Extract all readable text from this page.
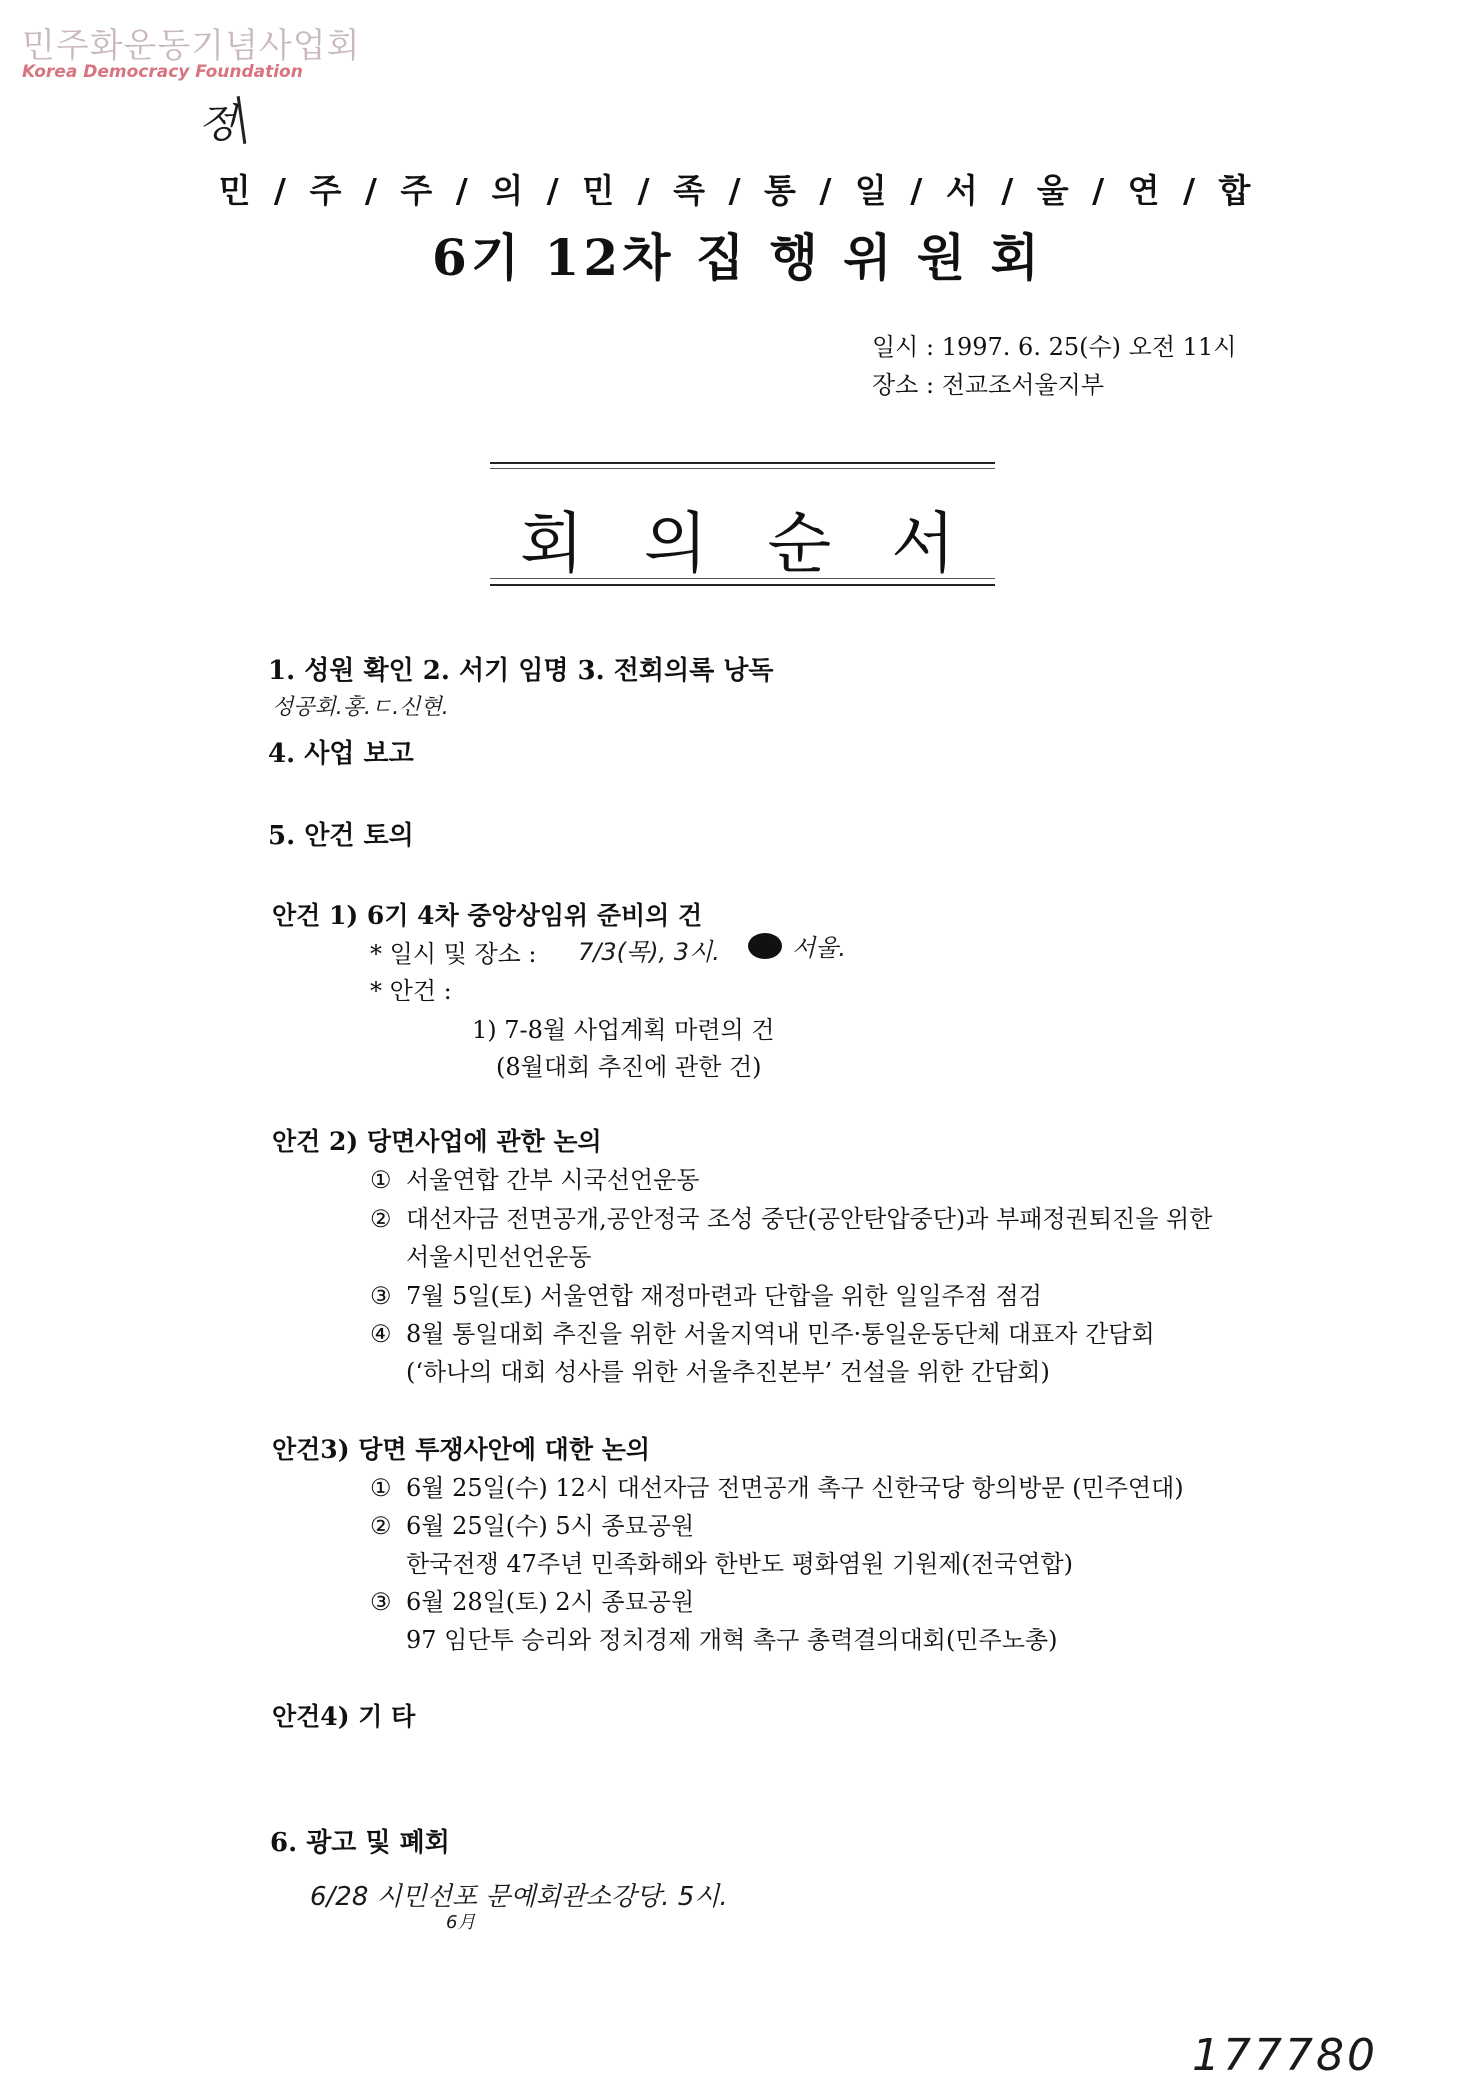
민주화운동기념사업회
Korea Democracy Foundation
정
민 / 주 / 주 / 의 / 민 / 족 / 통 / 일 / 서 / 울 / 연 / 합
6기 12차 집 행 위 원 회
일시 : 1997. 6. 25(수) 오전 11시
장소 : 전교조서울지부
회의순서
1. 성원 확인 2. 서기 임명 3. 전회의록 낭독
성공회.홍.ㄷ.신현.
4. 사업 보고
5. 안건 토의
안건 1) 6기 4차 중앙상임위 준비의 건
* 일시 및 장소 : 7/3(목), 3시.	서울.
* 안건 :
1) 7-8월 사업계획 마련의 건
(8월대회 추진에 관한 건)
안건 2) 당면사업에 관한 논의
① 서울연합 간부 시국선언운동
② 대선자금 전면공개,공안정국 조성 중단(공안탄압중단)과 부패정권퇴진을 위한
서울시민선언운동
③ 7월 5일(토) 서울연합 재정마련과 단합을 위한 일일주점 점검
④ 8월 통일대회 추진을 위한 서울지역내 민주·통일운동단체 대표자 간담회
(‘하나의 대회 성사를 위한 서울추진본부’ 건설을 위한 간담회)
안건3) 당면 투쟁사안에 대한 논의
① 6월 25일(수) 12시 대선자금 전면공개 촉구 신한국당 항의방문 (민주연대)
② 6월 25일(수) 5시 종묘공원
한국전쟁 47주년 민족화해와 한반도 평화염원 기원제(전국연합)
③ 6월 28일(토) 2시 종묘공원
97 임단투 승리와 정치경제 개혁 촉구 총력결의대회(민주노총)
안건4) 기 타
6. 광고 및 폐회
6/28 시민선포 문예회관소강당. 5시.
6月
177780
